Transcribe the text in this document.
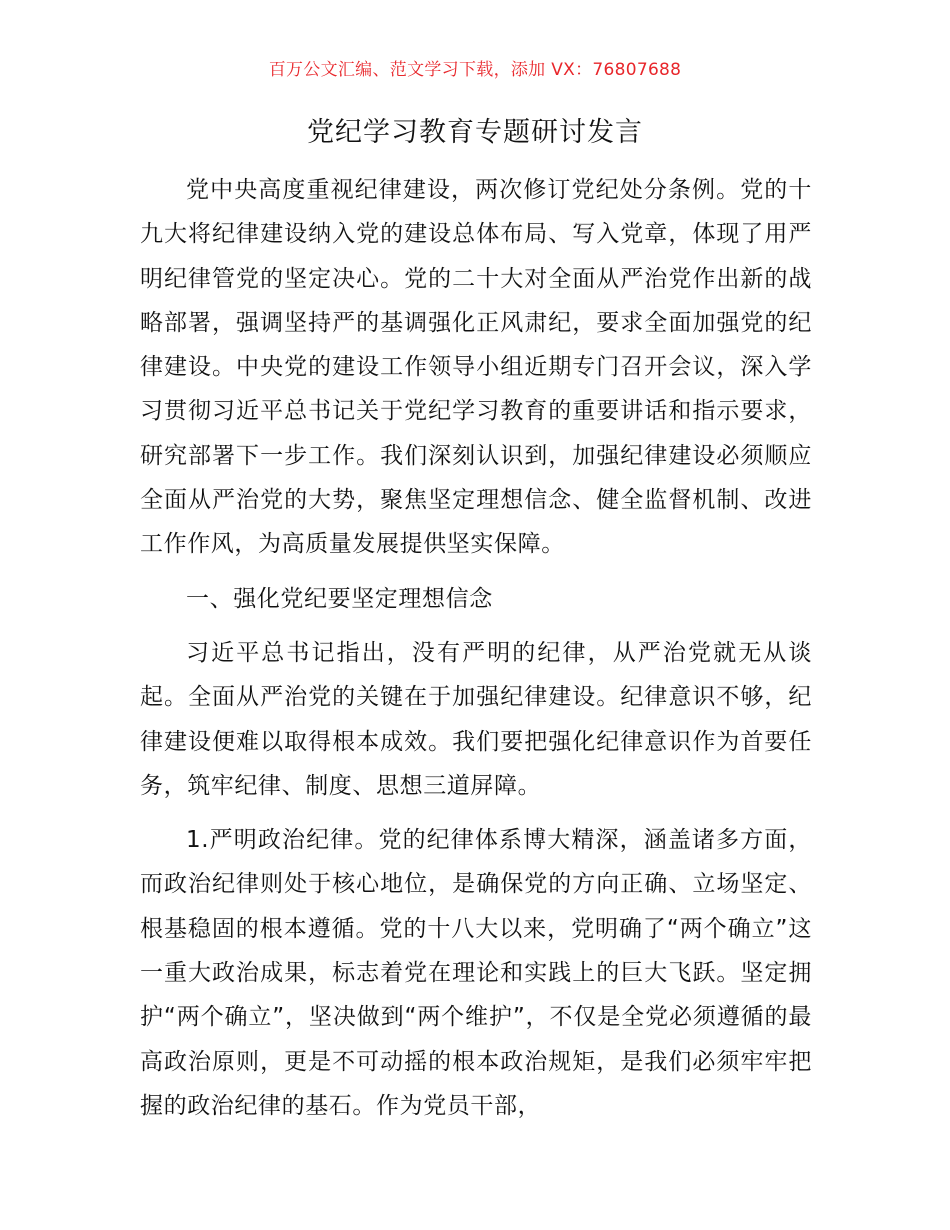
百万公文汇编、范文学习下载，添加 VX：76807688
党纪学习教育专题研讨发言

党中央高度重视纪律建设，两次修订党纪处分条例。党的十九大将纪律建设纳入党的建设总体布局、写入党章，体现了用严明纪律管党的坚定决心。党的二十大对全面从严治党作出新的战略部署，强调坚持严的基调强化正风肃纪，要求全面加强党的纪律建设。中央党的建设工作领导小组近期专门召开会议，深入学习贯彻习近平总书记关于党纪学习教育的重要讲话和指示要求，研究部署下一步工作。我们深刻认识到，加强纪律建设必须顺应全面从严治党的大势，聚焦坚定理想信念、健全监督机制、改进工作作风，为高质量发展提供坚实保障。

一、强化党纪要坚定理想信念

习近平总书记指出，没有严明的纪律，从严治党就无从谈起。全面从严治党的关键在于加强纪律建设。纪律意识不够，纪律建设便难以取得根本成效。我们要把强化纪律意识作为首要任务，筑牢纪律、制度、思想三道屏障。

1.严明政治纪律。党的纪律体系博大精深，涵盖诸多方面，而政治纪律则处于核心地位，是确保党的方向正确、立场坚定、根基稳固的根本遵循。党的十八大以来，党明确了“两个确立”这一重大政治成果，标志着党在理论和实践上的巨大飞跃。坚定拥护“两个确立”，坚决做到“两个维护”，不仅是全党必须遵循的最高政治原则，更是不可动摇的根本政治规矩，是我们必须牢牢把握的政治纪律的基石。作为党员干部，
